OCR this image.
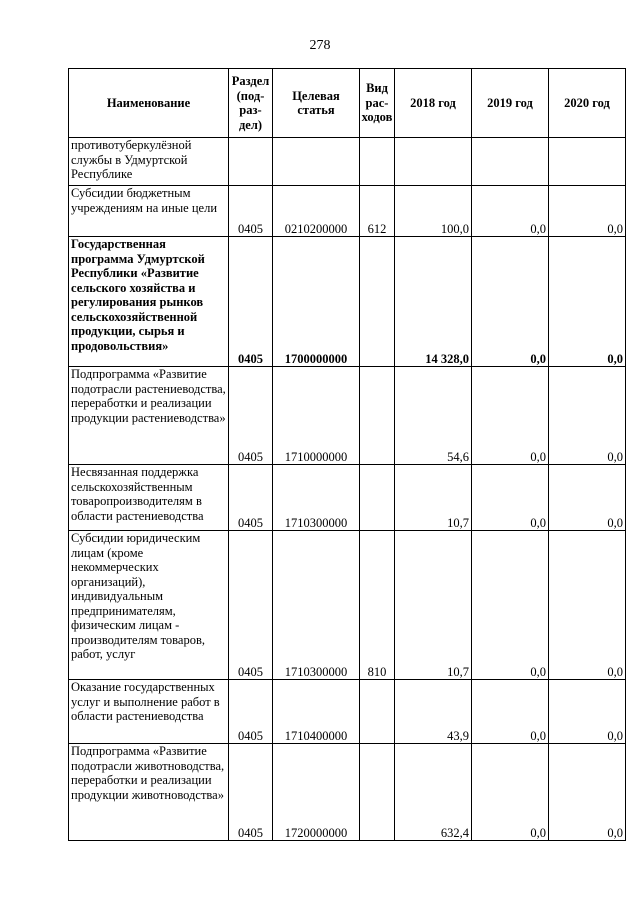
278
Наименование	Раздел (под-раз-дел)	Целевая статья	Вид рас-ходов	2018 год	2019 год	2020 год
противотуберкулёзной службы в Удмуртской Республике						
Субсидии бюджетным учреждениям на иные цели	0405	0210200000	612	100,0	0,0	0,0
Государственная программа Удмуртской Республики «Развитие сельского хозяйства и регулирования рынков сельскохозяйственной продукции, сырья и продовольствия»	0405	1700000000		14 328,0	0,0	0,0
Подпрограмма «Развитие подотрасли растениеводства, переработки и реализации продукции растениеводства»	0405	1710000000		54,6	0,0	0,0
Несвязанная поддержка сельскохозяйственным товаропроизводителям в области растениеводства	0405	1710300000		10,7	0,0	0,0
Субсидии юридическим лицам (кроме некоммерческих организаций), индивидуальным предпринимателям, физическим лицам - производителям товаров, работ, услуг	0405	1710300000	810	10,7	0,0	0,0
Оказание государственных услуг и выполнение работ в области растениеводства	0405	1710400000		43,9	0,0	0,0
Подпрограмма «Развитие подотрасли животноводства, переработки и реализации продукции животноводства»	0405	1720000000		632,4	0,0	0,0
